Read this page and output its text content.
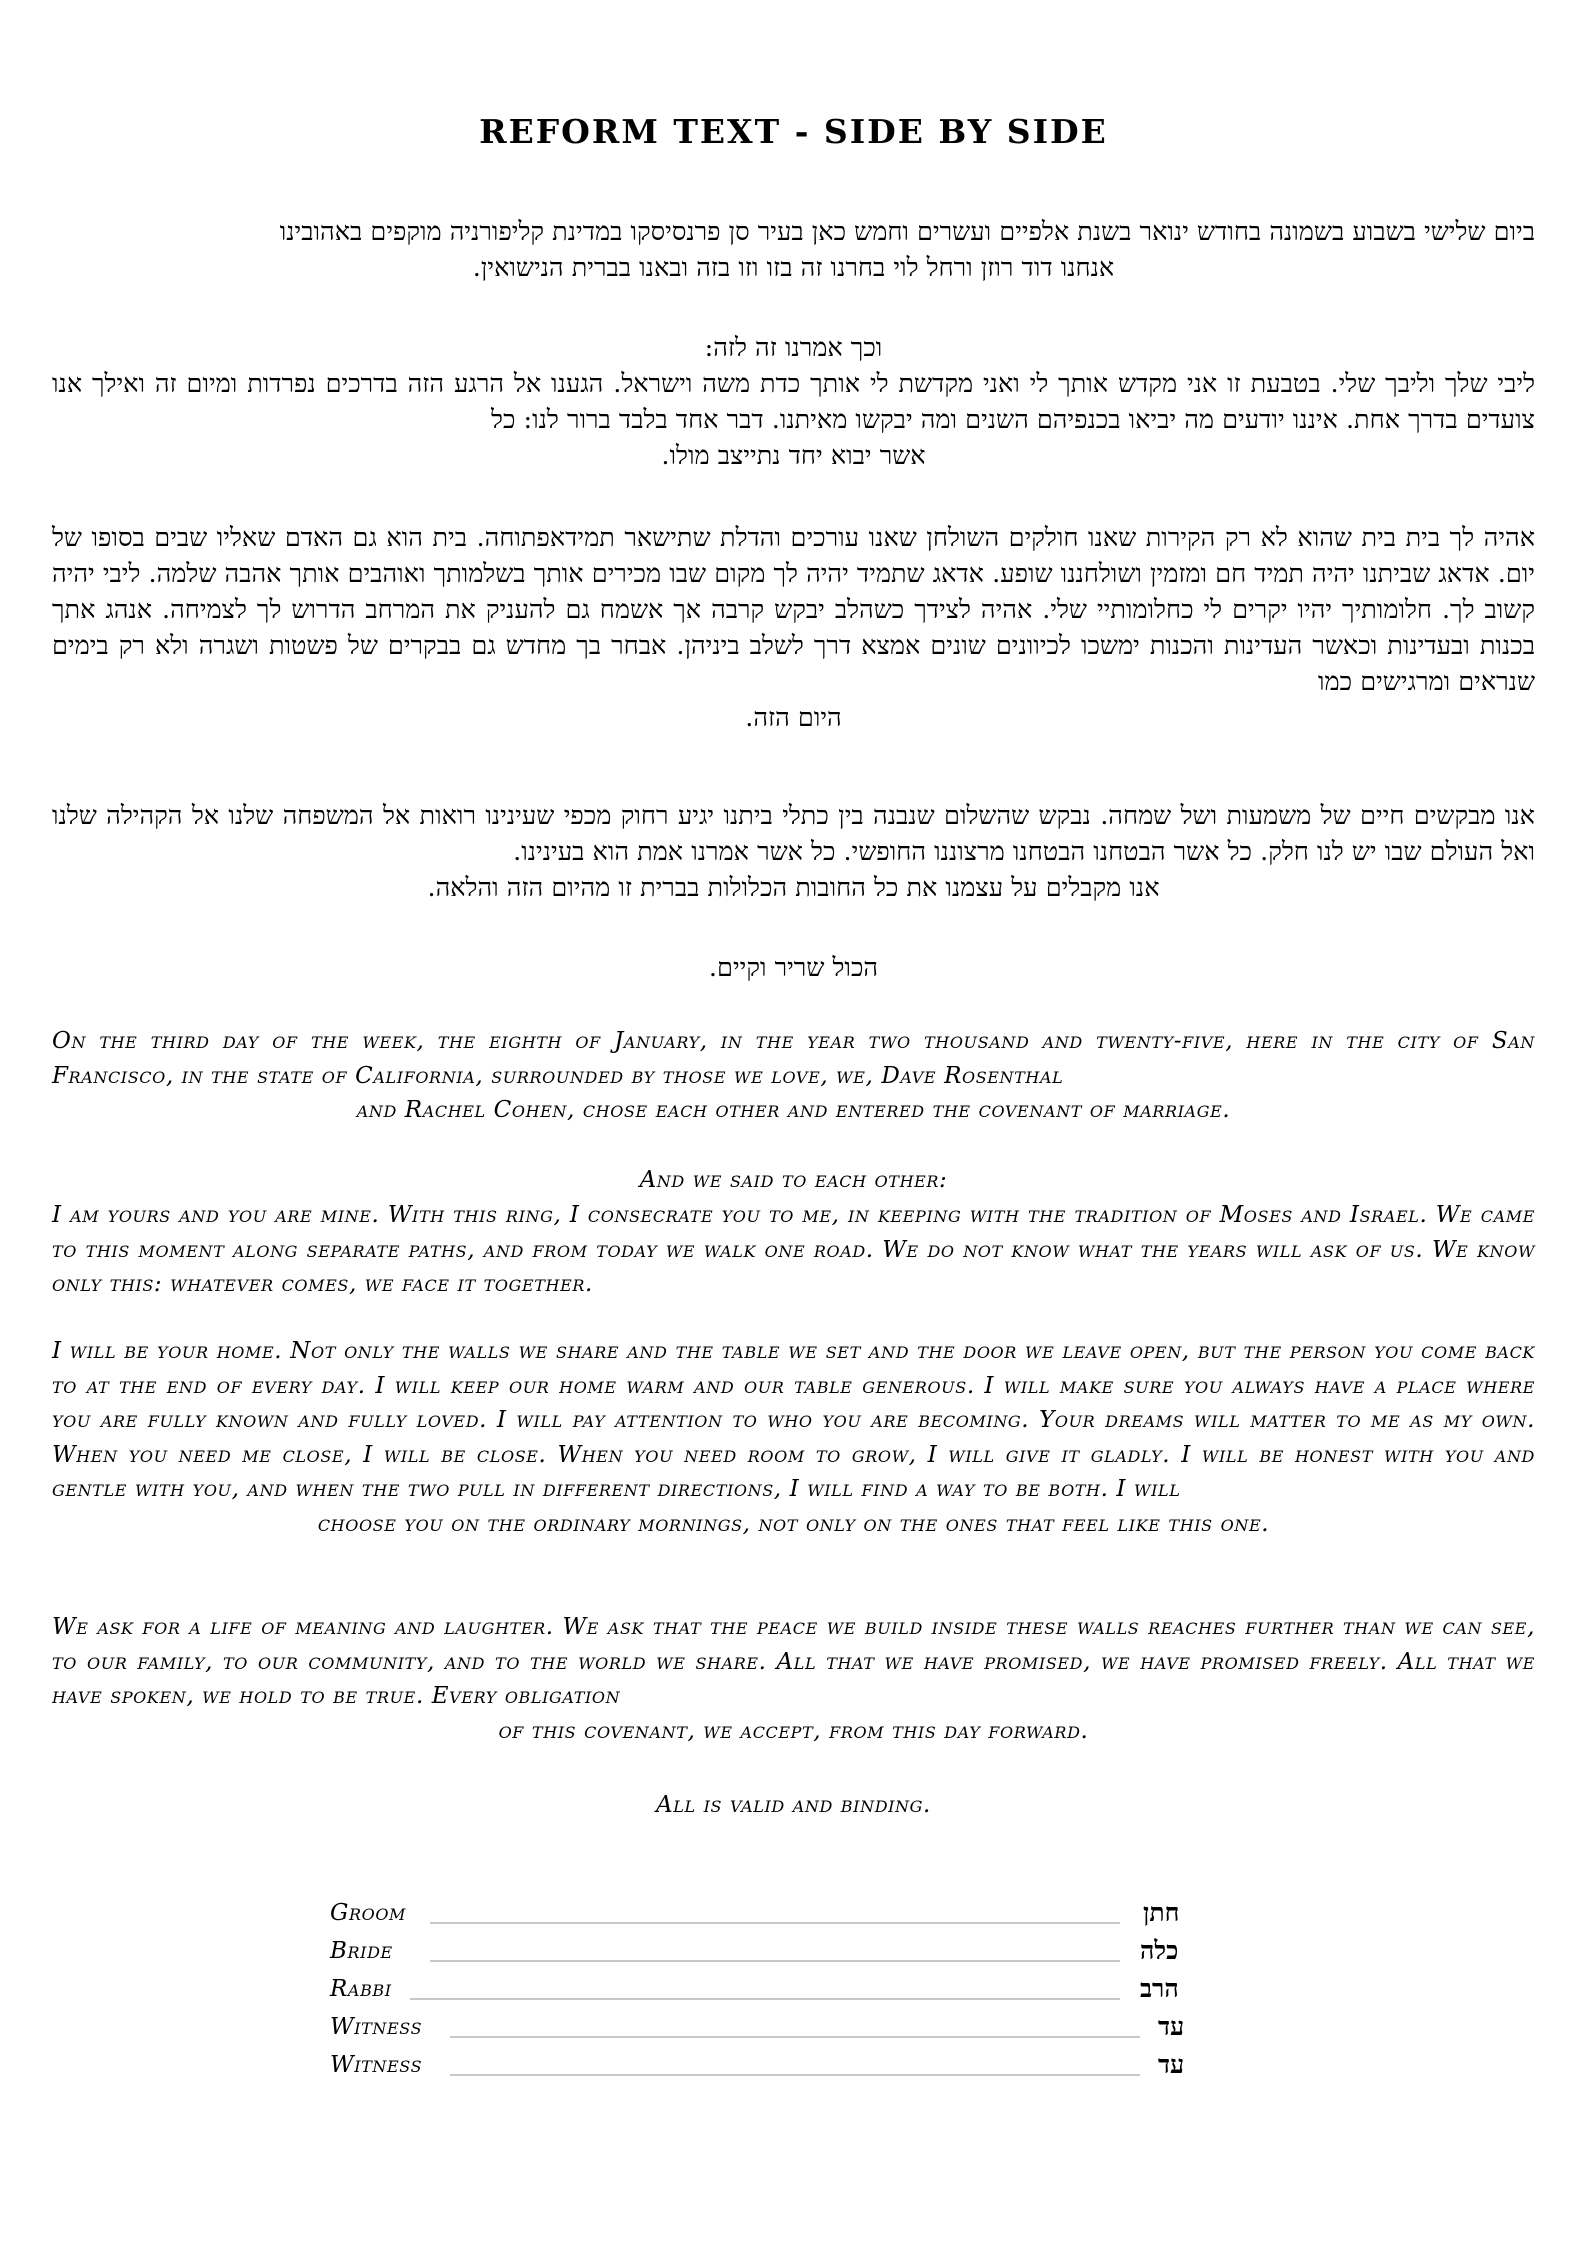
REFORM TEXT - SIDE BY SIDE

ביום שלישי בשבוע בשמונה בחודש ינואר בשנת אלפיים ועשרים וחמש כאן בעיר סן פרנסיסקו במדינת קליפורניה מוקפים באהובינו
אנחנו דוד רוזן ורחל לוי בחרנו זה בזו וזו בזה ובאנו בברית הנישואין.

וכך אמרנו זה לזה:

ליבי שלך וליבך שלי. בטבעת זו אני מקדש אותך לי ואני מקדשת לי אותך כדת משה וישראל. הגענו אל הרגע הזה בדרכים נפרדות ומיום זה ואילך אנו צועדים בדרך אחת. איננו יודעים מה יביאו בכנפיהם השנים ומה יבקשו מאיתנו. דבר אחד בלבד ברור לנו: כל
אשר יבוא יחד נתייצב מולו.

אהיה לך בית בית שהוא לא רק הקירות שאנו חולקים השולחן שאנו עורכים והדלת שתישאר תמידאפתוחה. בית הוא גם האדם שאליו שבים בסופו של יום. אדאג שביתנו יהיה תמיד חם ומזמין ושולחננו שופע. אדאג שתמיד יהיה לך מקום שבו מכירים אותך בשלמותך ואוהבים אותך אהבה שלמה. ליבי יהיה קשוב לך. חלומותיך יהיו יקרים לי כחלומותיי שלי. אהיה לצידך כשהלב יבקש קרבה אך אשמח גם להעניק את המרחב הדרוש לך לצמיחה. אנהג אתך בכנות ובעדינות וכאשר העדינות והכנות ימשכו לכיוונים שונים אמצא דרך לשלב ביניהן. אבחר בך מחדש גם בבקרים של פשטות ושגרה ולא רק בימים שנראים ומרגישים כמו
היום הזה.

אנו מבקשים חיים של משמעות ושל שמחה. נבקש שהשלום שנבנה בין כתלי ביתנו יגיע רחוק מכפי שעינינו רואות אל המשפחה שלנו אל הקהילה שלנו ואל העולם שבו יש לנו חלק. כל אשר הבטחנו הבטחנו מרצוננו החופשי. כל אשר אמרנו אמת הוא בעינינו.
אנו מקבלים על עצמנו את כל החובות הכלולות בברית זו מהיום הזה והלאה.

הכול שריר וקיים.

On the third day of the week, the eighth of January, in the year two thousand and twenty-five, here in the city of San Francisco, in the state of California, surrounded by those we love, we, Dave Rosenthal
and Rachel Cohen, chose each other and entered the covenant of marriage.

And we said to each other:

I am yours and you are mine. With this ring, I consecrate you to me, in keeping with the tradition of Moses and Israel. We came to this moment along separate paths, and from today we walk one road. We do not know what the years will ask of us. We know only this: whatever comes, we face it together.

I will be your home. Not only the walls we share and the table we set and the door we leave open, but the person you come back to at the end of every day. I will keep our home warm and our table generous. I will make sure you always have a place where you are fully known and fully loved. I will pay attention to who you are becoming. Your dreams will matter to me as my own. When you need me close, I will be close. When you need room to grow, I will give it gladly. I will be honest with you and gentle with you, and when the two pull in different directions, I will find a way to be both. I will
choose you on the ordinary mornings, not only on the ones that feel like this one.

We ask for a life of meaning and laughter. We ask that the peace we build inside these walls reaches further than we can see, to our family, to our community, and to the world we share. All that we have promised, we have promised freely. All that we have spoken, we hold to be true. Every obligation
of this covenant, we accept, from this day forward.

All is valid and binding.

Groom	חתן
Bride	כלה
Rabbi	הרב
Witness	עד
Witness	עד
